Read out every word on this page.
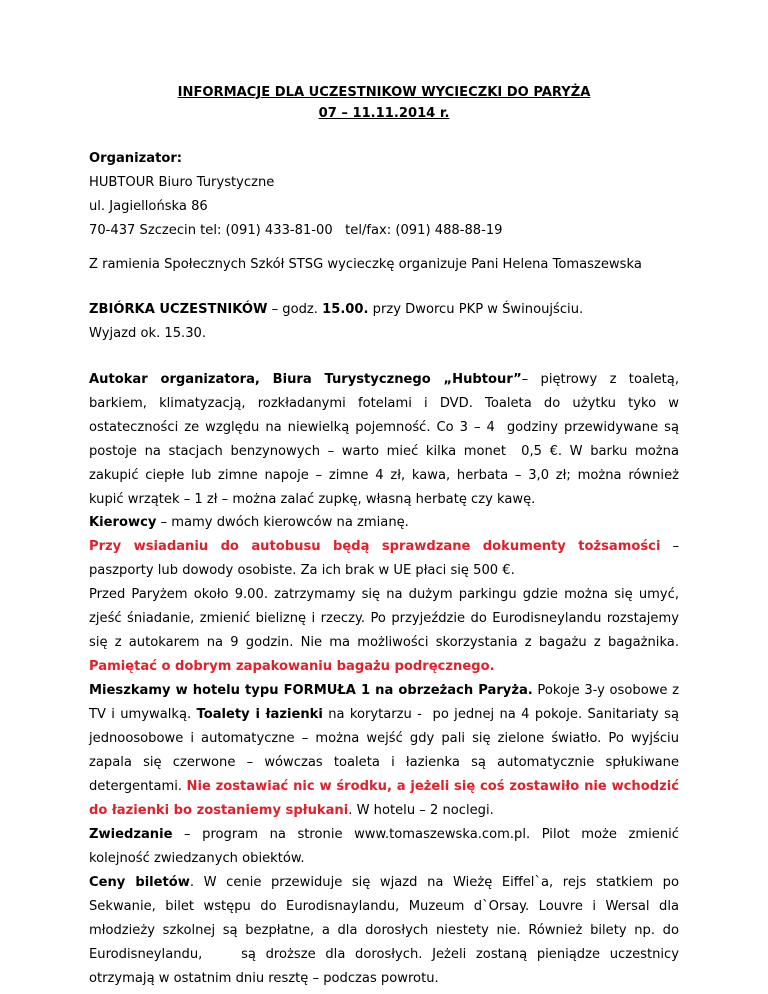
INFORMACJE DLA UCZESTNIKOW WYCIECZKI DO PARYŻA
07 – 11.11.2014 r.
Organizator:
HUBTOUR Biuro Turystyczne
ul. Jagiellońska 86
70-437 Szczecin tel: (091) 433-81-00   tel/fax: (091) 488-88-19
Z ramienia Społecznych Szkół STSG wycieczkę organizuje Pani Helena Tomaszewska
ZBIÓRKA UCZESTNIKÓW – godz. 15.00. przy Dworcu PKP w Świnoujściu.
Wyjazd ok. 15.30.
Autokar organizatora, Biura Turystycznego „Hubtour”– piętrowy z toaletą,
barkiem, klimatyzacją, rozkładanymi fotelami i DVD. Toaleta do użytku tyko w
ostateczności ze względu na niewielką pojemność. Co 3 – 4  godziny przewidywane są
postoje na stacjach benzynowych – warto mieć kilka monet  0,5 €. W barku można
zakupić ciepłe lub zimne napoje – zimne 4 zł, kawa, herbata – 3,0 zł; można również
kupić wrzątek – 1 zł – można zalać zupkę, własną herbatę czy kawę.
Kierowcy – mamy dwóch kierowców na zmianę.
Przy wsiadaniu do autobusu będą sprawdzane dokumenty tożsamości –
paszporty lub dowody osobiste. Za ich brak w UE płaci się 500 €.
Przed Paryżem około 9.00. zatrzymamy się na dużym parkingu gdzie można się umyć,
zjeść śniadanie, zmienić bieliznę i rzeczy. Po przyjeździe do Eurodisneylandu rozstajemy
się z autokarem na 9 godzin. Nie ma możliwości skorzystania z bagażu z bagażnika.
Pamiętać o dobrym zapakowaniu bagażu podręcznego.
Mieszkamy w hotelu typu FORMUŁA 1 na obrzeżach Paryża. Pokoje 3-y osobowe z
TV i umywalką. Toalety i łazienki na korytarzu -  po jednej na 4 pokoje. Sanitariaty są
jednoosobowe i automatyczne – można wejść gdy pali się zielone światło. Po wyjściu
zapala się czerwone – wówczas toaleta i łazienka są automatycznie spłukiwane
detergentami. Nie zostawiać nic w środku, a jeżeli się coś zostawiło nie wchodzić
do łazienki bo zostaniemy spłukani. W hotelu – 2 noclegi.
Zwiedzanie – program na stronie www.tomaszewska.com.pl. Pilot może zmienić
kolejność zwiedzanych obiektów.
Ceny biletów. W cenie przewiduje się wjazd na Wieżę Eiffel`a, rejs statkiem po
Sekwanie, bilet wstępu do Eurodisnaylandu, Muzeum d`Orsay. Louvre i Wersal dla
młodzieży szkolnej są bezpłatne, a dla dorosłych niestety nie. Również bilety np. do
Eurodisneylandu,    są droższe dla dorosłych. Jeżeli zostaną pieniądze uczestnicy
otrzymają w ostatnim dniu resztę – podczas powrotu.
